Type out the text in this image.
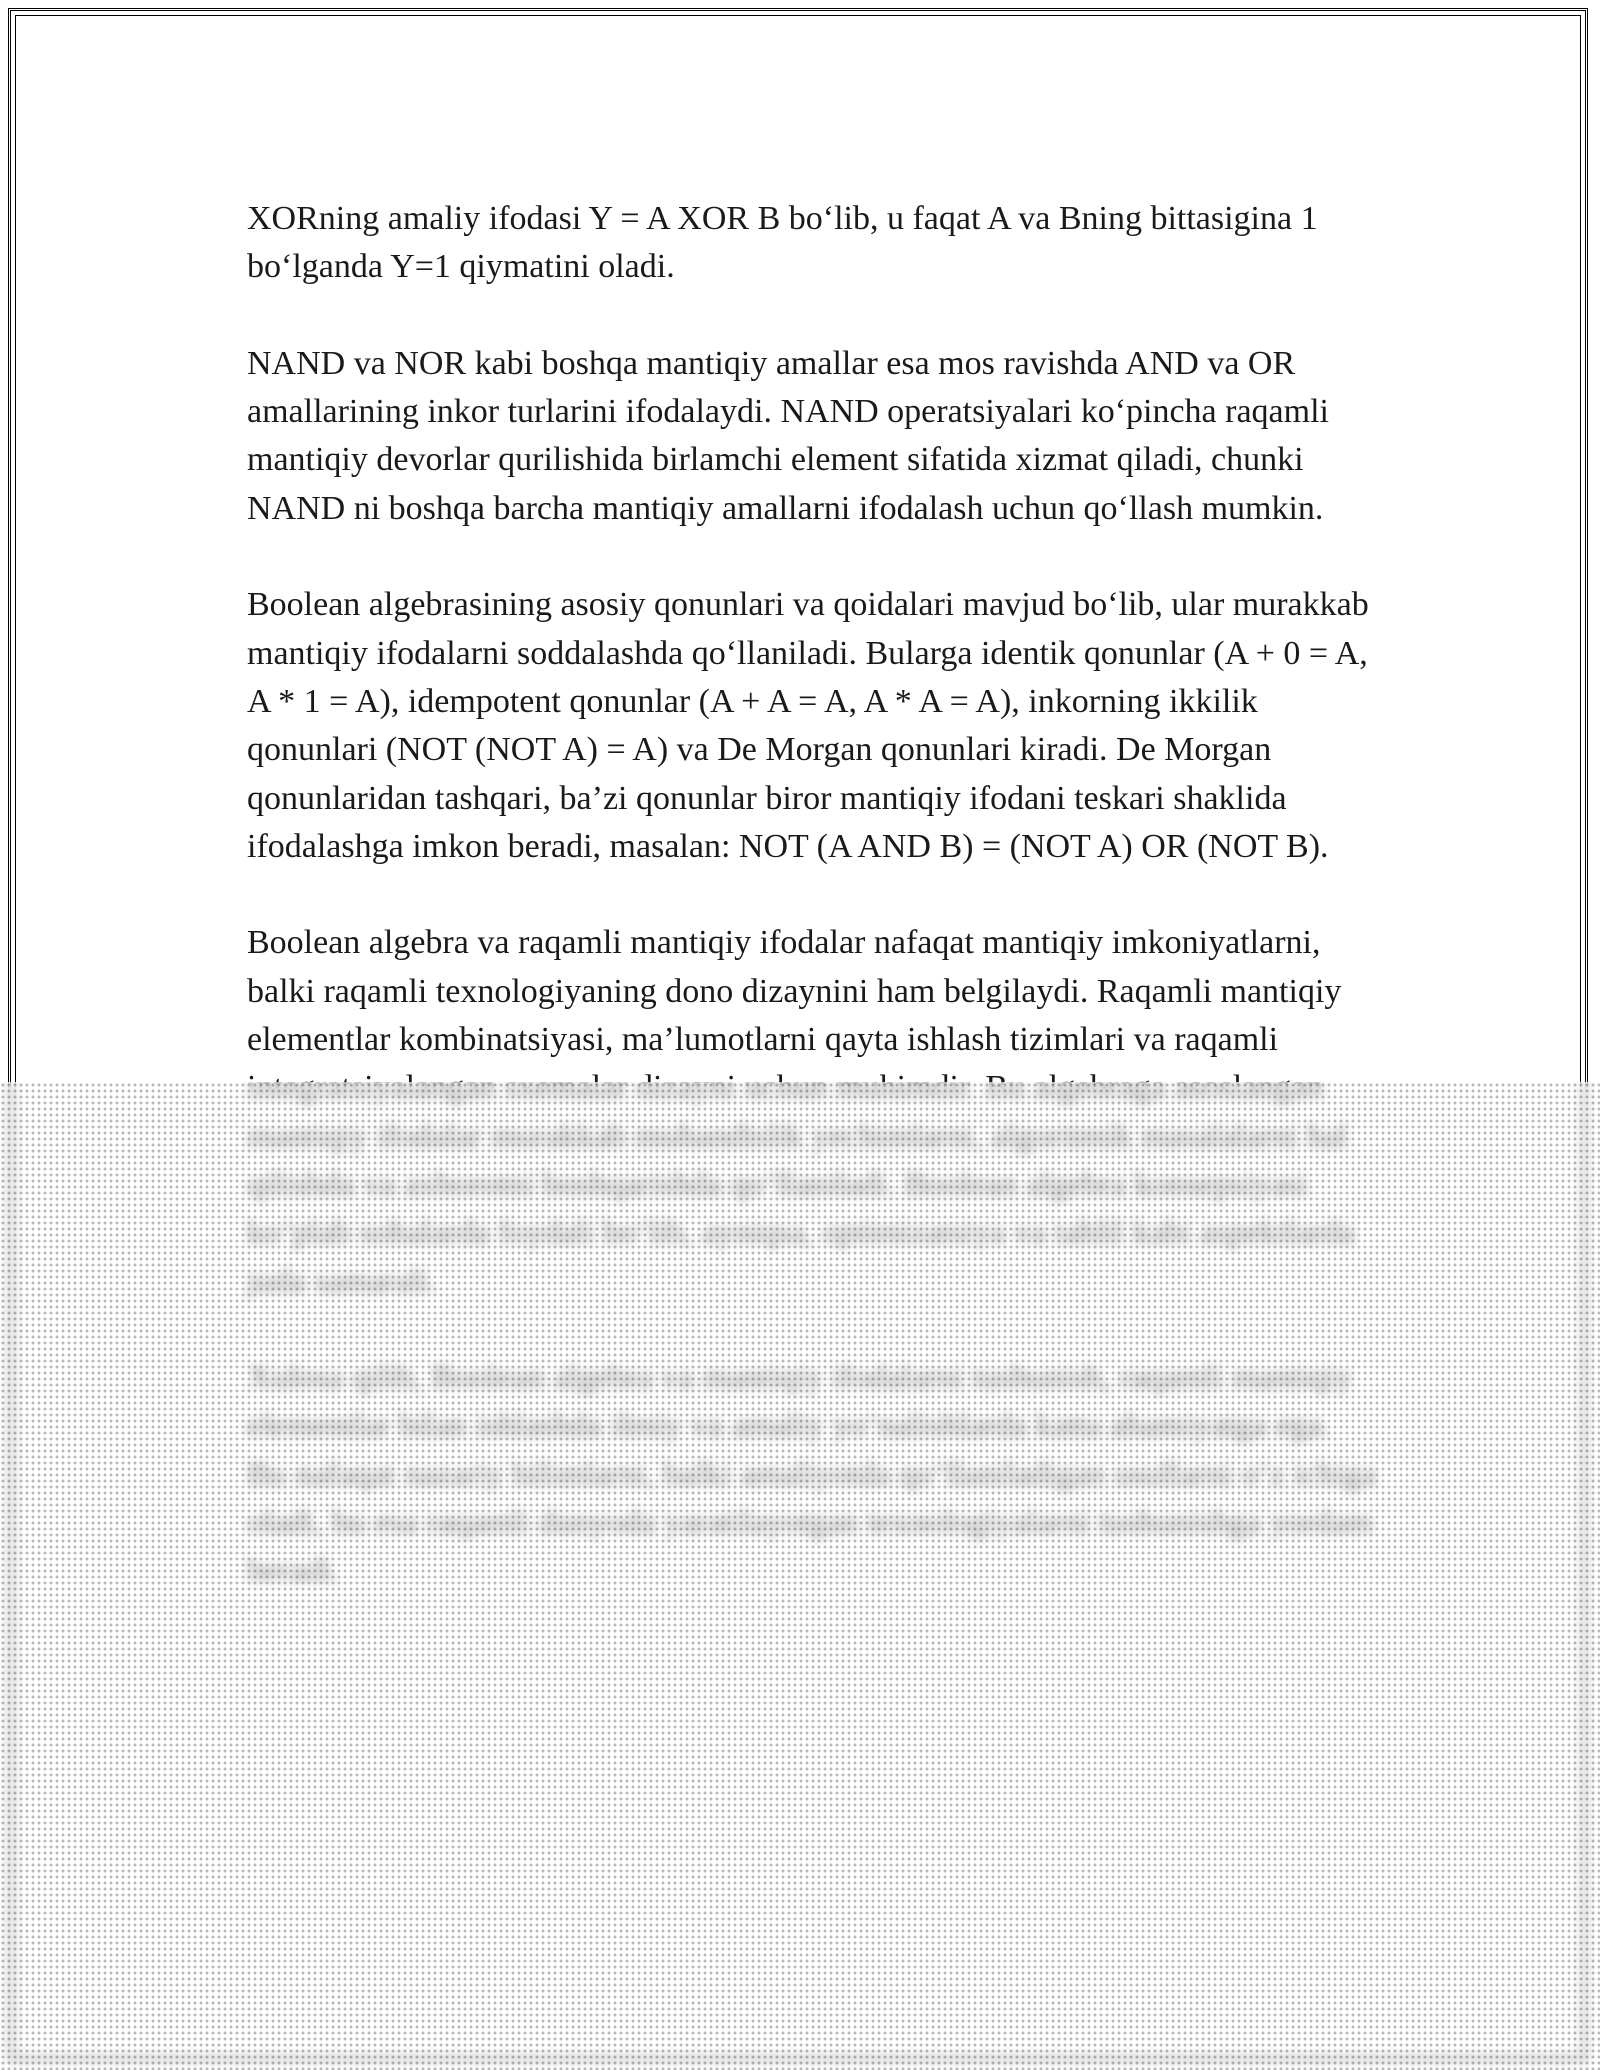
XORning amaliy ifodasi Y = A XOR B bo‘lib, u faqat A va Bning bittasigina 1 bo‘lganda Y=1 qiymatini oladi.

NAND va NOR kabi boshqa mantiqiy amallar esa mos ravishda AND va OR amallarining inkor turlarini ifodalaydi. NAND operatsiyalari ko‘pincha raqamli mantiqiy devorlar qurilishida birlamchi element sifatida xizmat qiladi, chunki NAND ni boshqa barcha mantiqiy amallarni ifodalash uchun qo‘llash mumkin.

Boolean algebrasining asosiy qonunlari va qoidalari mavjud bo‘lib, ular murakkab mantiqiy ifodalarni soddalashda qo‘llaniladi. Bularga identik qonunlar (A + 0 = A, A * 1 = A), idempotent qonunlar (A + A = A, A * A = A), inkorning ikkilik qonunlari (NOT (NOT A) = A) va De Morgan qonunlari kiradi. De Morgan qonunlaridan tashqari, ba’zi qonunlar biror mantiqiy ifodani teskari shaklida ifodalashga imkon beradi, masalan: NOT (A AND B) = (NOT A) OR (NOT B).

Boolean algebra va raqamli mantiqiy ifodalar nafaqat mantiqiy imkoniyatlarni, balki raqamli texnologiyaning dono dizaynini ham belgilaydi. Raqamli mantiqiy elementlar kombinatsiyasi, ma’lumotlarni qayta ishlash tizimlari va raqamli
